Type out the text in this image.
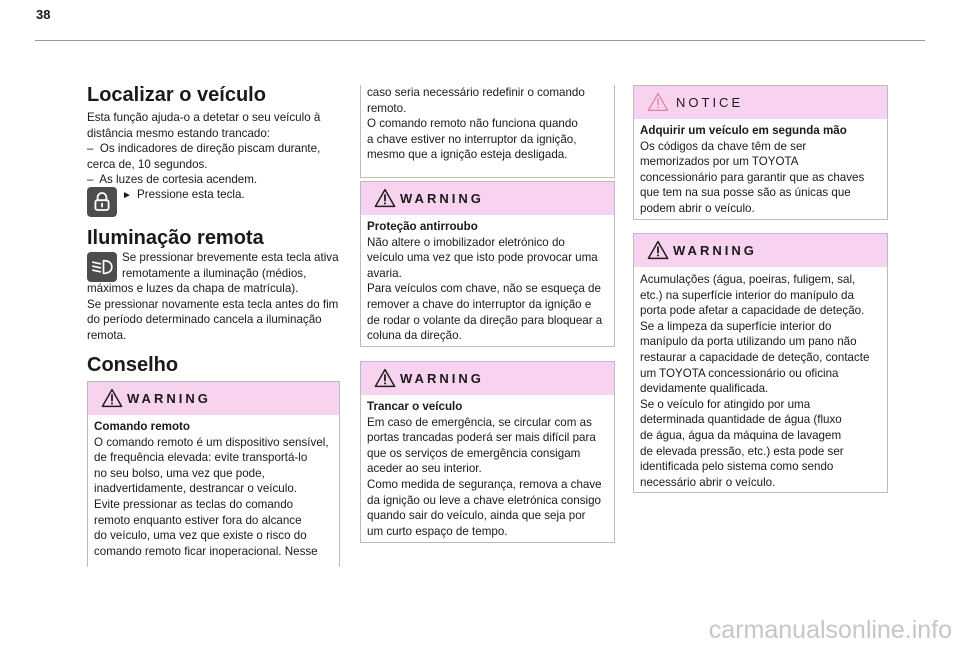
38
Localizar o veículo
Esta função ajuda-o a detetar o seu veículo à
distância mesmo estando trancado:
–  Os indicadores de direção piscam durante,
cerca de, 10 segundos.
–  As luzes de cortesia acendem.
► Pressione esta tecla.
Iluminação remota
Se pressionar brevemente esta tecla ativa
remotamente a iluminação (médios,
máximos e luzes da chapa de matrícula).
Se pressionar novamente esta tecla antes do fim
do período determinado cancela a iluminação
remota.
Conselho
WARNING
Comando remoto
O comando remoto é um dispositivo sensível,
de frequência elevada: evite transportá-lo
no seu bolso, uma vez que pode,
inadvertidamente, destrancar o veículo.
Evite pressionar as teclas do comando
remoto enquanto estiver fora do alcance
do veículo, uma vez que existe o risco do
comando remoto ficar inoperacional. Nesse
caso seria necessário redefinir o comando
remoto.
O comando remoto não funciona quando
a chave estiver no interruptor da ignição,
mesmo que a ignição esteja desligada.
WARNING
Proteção antirroubo
Não altere o imobilizador eletrónico do
veículo uma vez que isto pode provocar uma
avaria.
Para veículos com chave, não se esqueça de
remover a chave do interruptor da ignição e
de rodar o volante da direção para bloquear a
coluna da direção.
WARNING
Trancar o veículo
Em caso de emergência, se circular com as
portas trancadas poderá ser mais difícil para
que os serviços de emergência consigam
aceder ao seu interior.
Como medida de segurança, remova a chave
da ignição ou leve a chave eletrónica consigo
quando sair do veículo, ainda que seja por
um curto espaço de tempo.
NOTICE
Adquirir um veículo em segunda mão
Os códigos da chave têm de ser
memorizados por um TOYOTA
concessionário para garantir que as chaves
que tem na sua posse são as únicas que
podem abrir o veículo.
WARNING
Acumulações (água, poeiras, fuligem, sal,
etc.) na superfície interior do manípulo da
porta pode afetar a capacidade de deteção.
Se a limpeza da superfície interior do
manípulo da porta utilizando um pano não
restaurar a capacidade de deteção, contacte
um TOYOTA concessionário ou oficina
devidamente qualificada.
Se o veículo for atingido por uma
determinada quantidade de água (fluxo
de água, água da máquina de lavagem
de elevada pressão, etc.) esta pode ser
identificada pelo sistema como sendo
necessário abrir o veículo.
carmanualsonline.info
